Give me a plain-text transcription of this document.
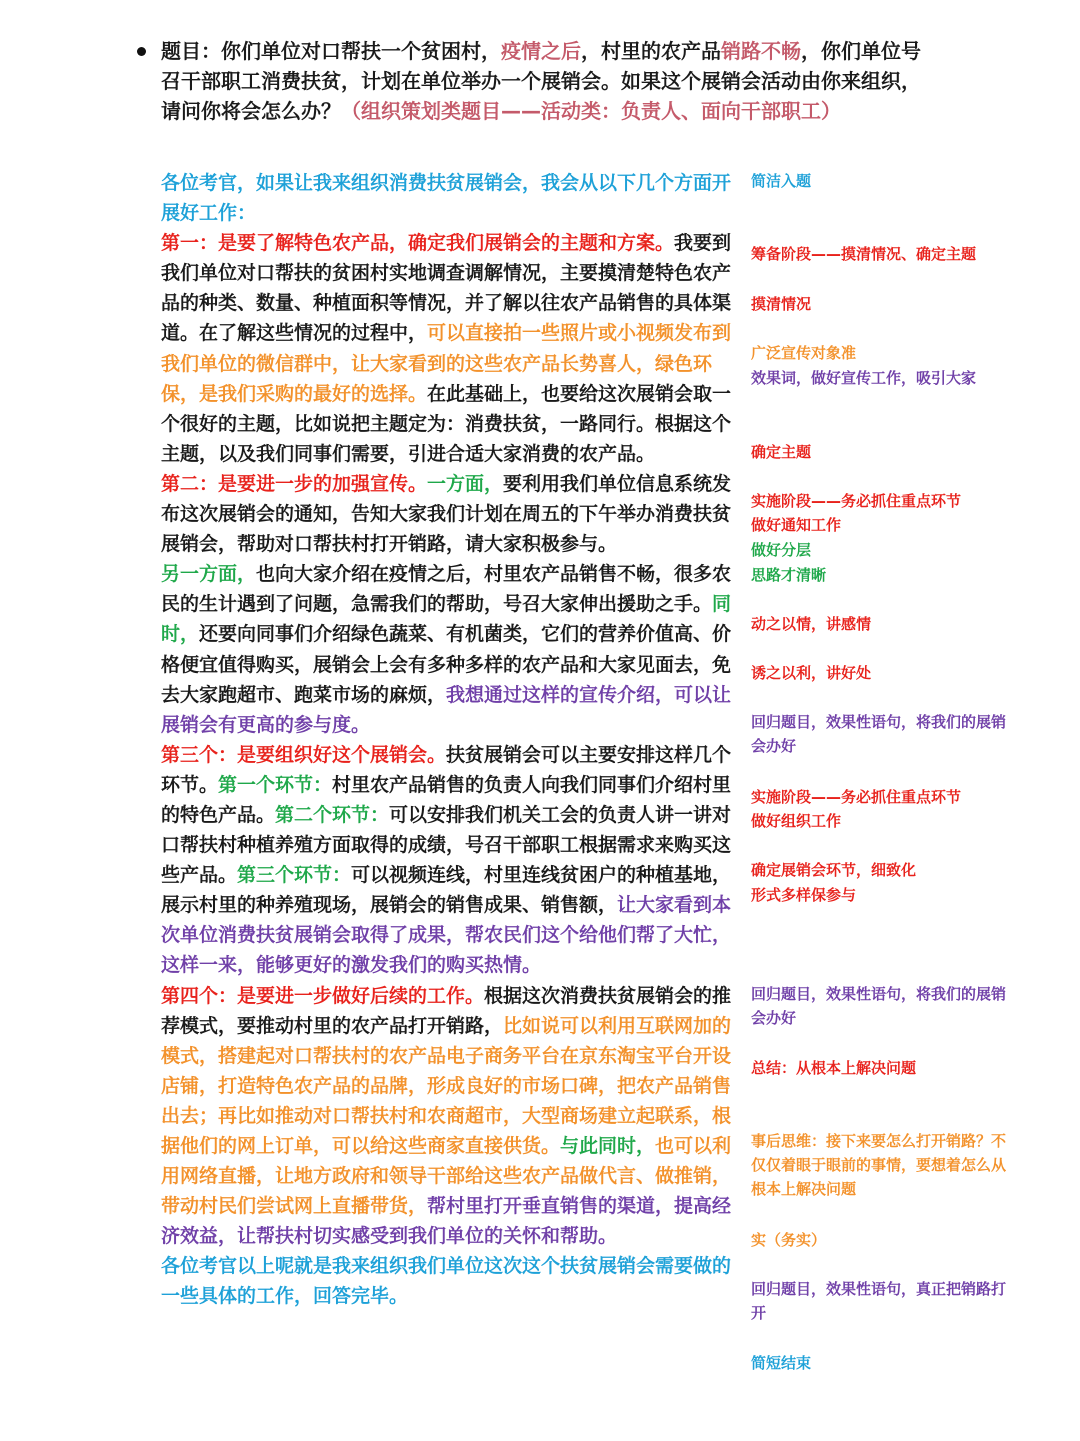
题目：你们单位对口帮扶一个贫困村，疫情之后，村里的农产品销路不畅，你们单位号召干部职工消费扶贫，计划在单位举办一个展销会。如果这个展销会活动由你来组织，请问你将会怎么办？（组织策划类题目——活动类：负责人、面向干部职工）
各位考官，如果让我来组织消费扶贫展销会，我会从以下几个方面开展好工作：
第一：是要了解特色农产品，确定我们展销会的主题和方案。我要到我们单位对口帮扶的贫困村实地调查调解情况，主要摸清楚特色农产品的种类、数量、种植面积等情况，并了解以往农产品销售的具体渠道。在了解这些情况的过程中，可以直接拍一些照片或小视频发布到我们单位的微信群中，让大家看到的这些农产品长势喜人，绿色环保，是我们采购的最好的选择。在此基础上，也要给这次展销会取一个很好的主题，比如说把主题定为：消费扶贫，一路同行。根据这个主题，以及我们同事们需要，引进合适大家消费的农产品。
第二：是要进一步的加强宣传。一方面，要利用我们单位信息系统发布这次展销会的通知，告知大家我们计划在周五的下午举办消费扶贫展销会，帮助对口帮扶村打开销路，请大家积极参与。
另一方面，也向大家介绍在疫情之后，村里农产品销售不畅，很多农民的生计遇到了问题，急需我们的帮助，号召大家伸出援助之手。同时，还要向同事们介绍绿色蔬菜、有机菌类，它们的营养价值高、价格便宜值得购买，展销会上会有多种多样的农产品和大家见面去，免去大家跑超市、跑菜市场的麻烦，我想通过这样的宣传介绍，可以让展销会有更高的参与度。
第三个：是要组织好这个展销会。扶贫展销会可以主要安排这样几个环节。第一个环节：村里农产品销售的负责人向我们同事们介绍村里的特色产品。第二个环节：可以安排我们机关工会的负责人讲一讲对口帮扶村种植养殖方面取得的成绩，号召干部职工根据需求来购买这些产品。第三个环节：可以视频连线，村里连线贫困户的种植基地，展示村里的种养殖现场，展销会的销售成果、销售额，让大家看到本次单位消费扶贫展销会取得了成果，帮农民们这个给他们帮了大忙，这样一来，能够更好的激发我们的购买热情。
第四个：是要进一步做好后续的工作。根据这次消费扶贫展销会的推荐模式，要推动村里的农产品打开销路，比如说可以利用互联网加的模式，搭建起对口帮扶村的农产品电子商务平台在京东淘宝平台开设店铺，打造特色农产品的品牌，形成良好的市场口碑，把农产品销售出去；再比如推动对口帮扶村和农商超市，大型商场建立起联系，根据他们的网上订单，可以给这些商家直接供货。与此同时，也可以利用网络直播，让地方政府和领导干部给这些农产品做代言、做推销，带动村民们尝试网上直播带货，帮村里打开垂直销售的渠道，提高经济效益，让帮扶村切实感受到我们单位的关怀和帮助。
各位考官以上呢就是我来组织我们单位这次这个扶贫展销会需要做的一些具体的工作，回答完毕。
简洁入题
筹备阶段——摸清情况、确定主题
摸清情况
广泛宣传对象准
效果词，做好宣传工作，吸引大家
确定主题
实施阶段——务必抓住重点环节
做好通知工作
做好分层
思路才清晰
动之以情，讲感情
诱之以利，讲好处
回归题目，效果性语句，将我们的展销会办好
实施阶段——务必抓住重点环节
做好组织工作
确定展销会环节，细致化
形式多样保参与
回归题目，效果性语句，将我们的展销会办好
总结：从根本上解决问题
事后思维：接下来要怎么打开销路？不仅仅着眼于眼前的事情，要想着怎么从根本上解决问题
实（务实）
回归题目，效果性语句，真正把销路打开
简短结束
